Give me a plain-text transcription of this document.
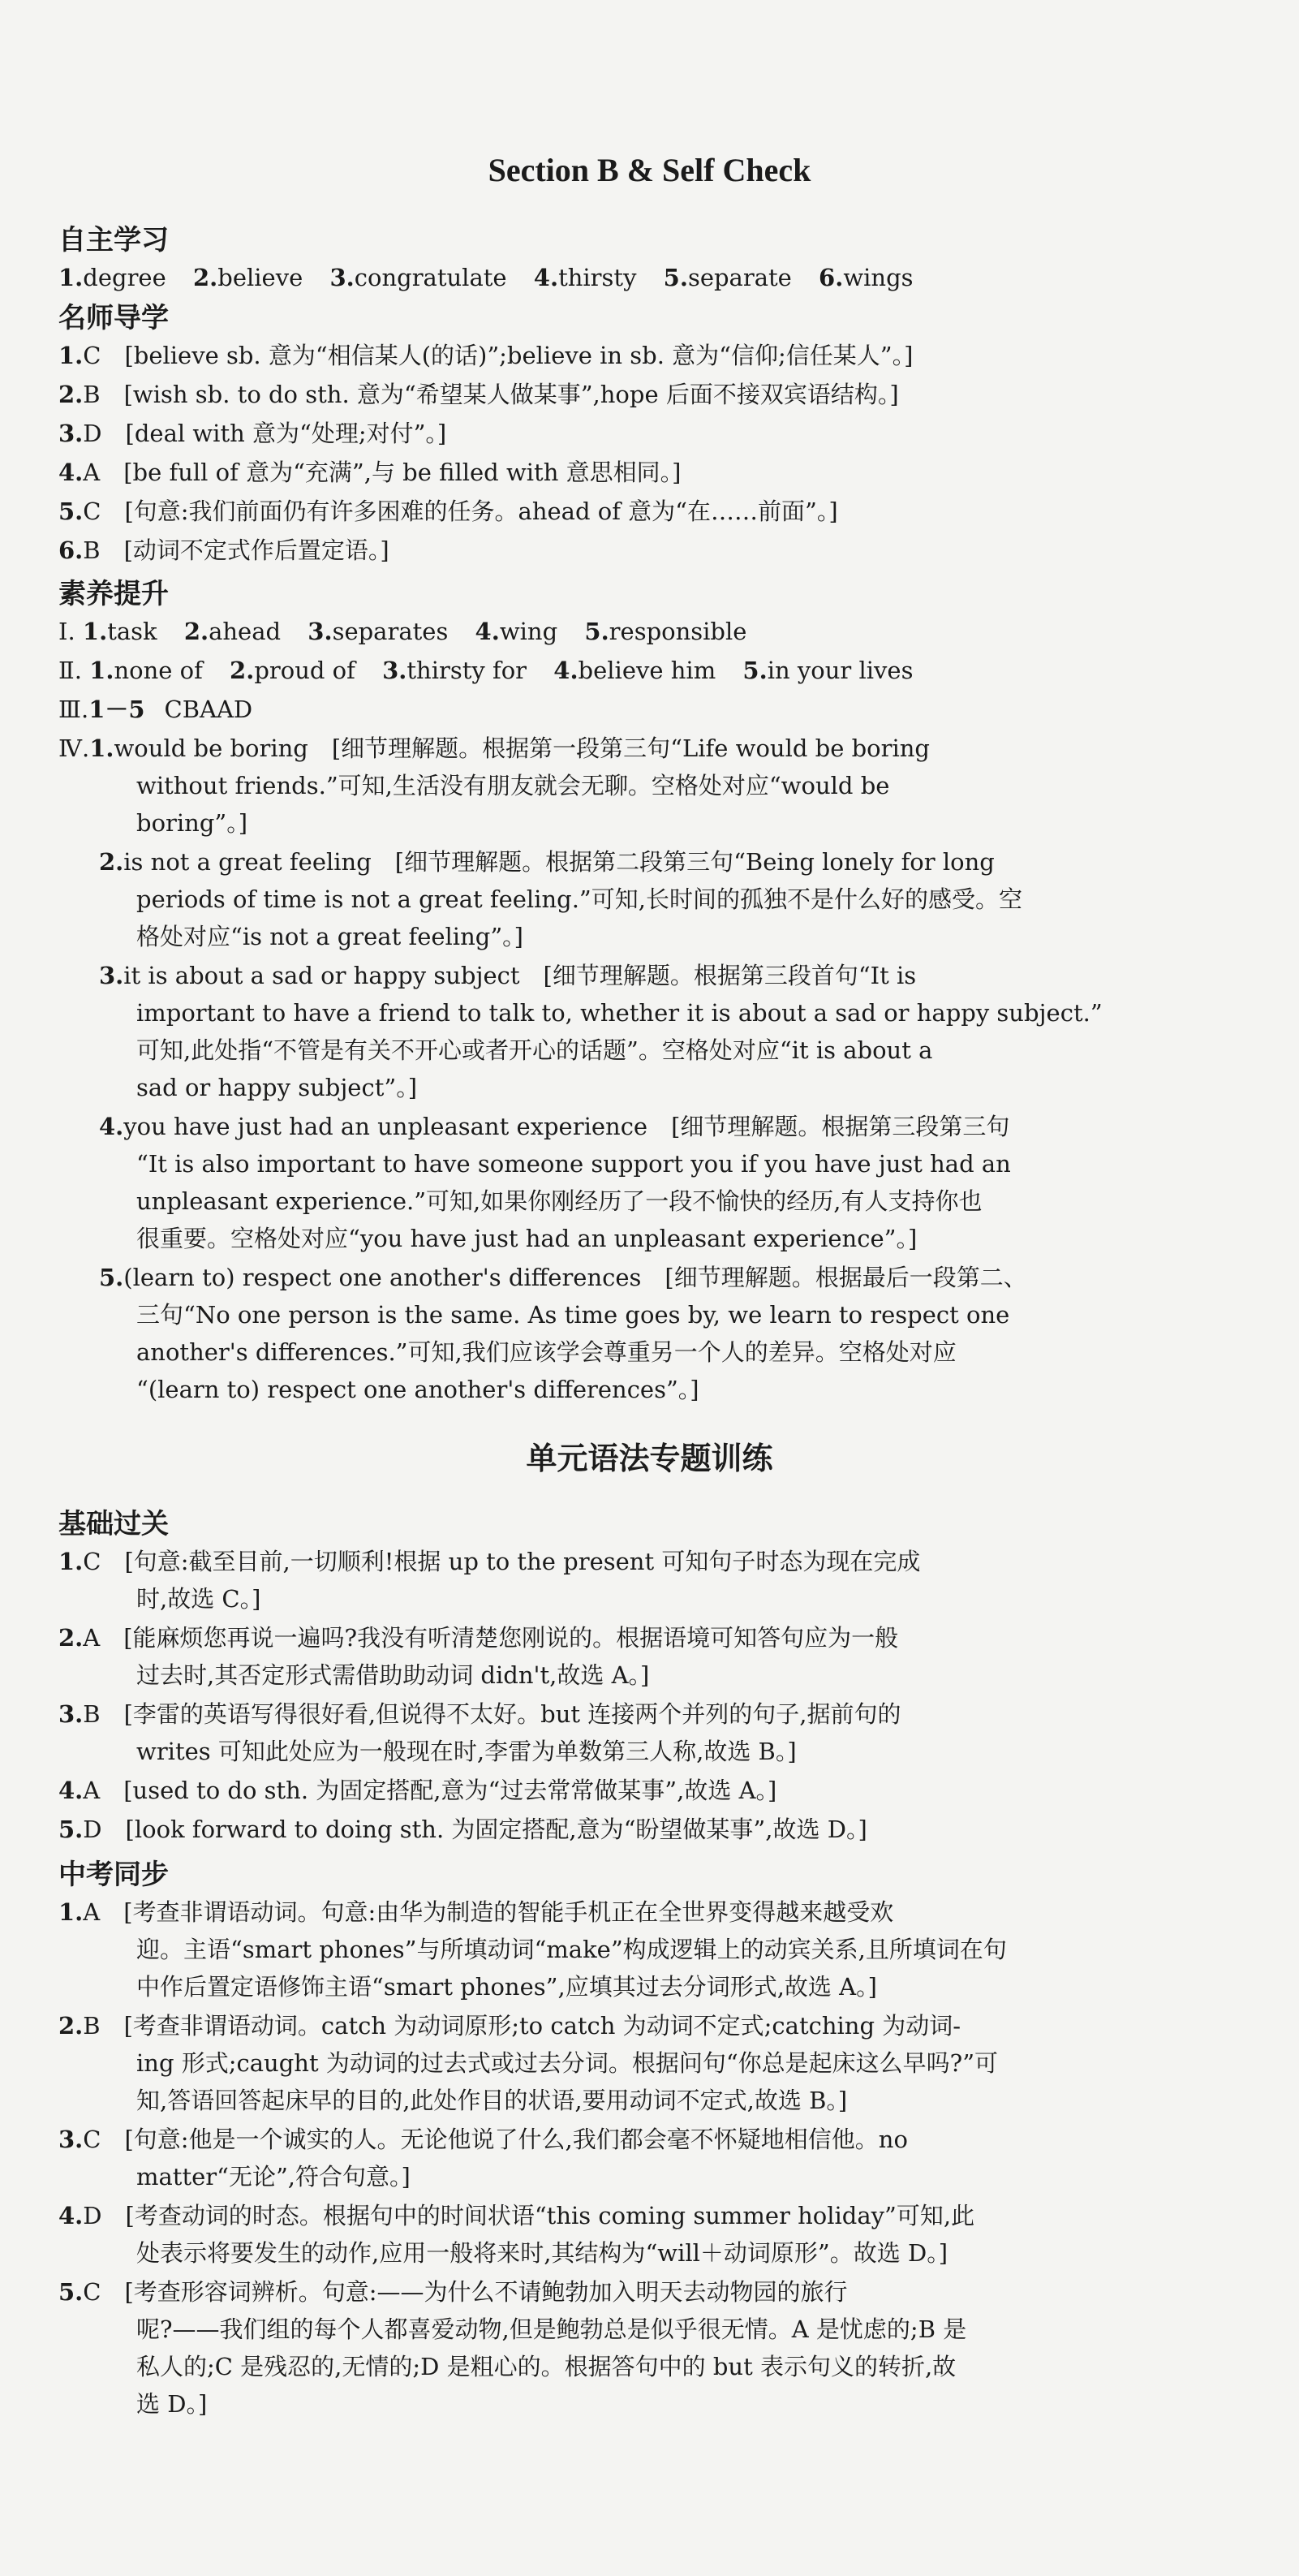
Section B & Self Check
自主学习
1.degree 2.believe 3.congratulate 4.thirsty 5.separate 6.wings
名师导学
1.C　[believe sb. 意为“相信某人(的话)”;believe in sb. 意为“信仰;信任某人”。]
2.B　[wish sb. to do sth. 意为“希望某人做某事”,hope 后面不接双宾语结构。]
3.D　[deal with 意为“处理;对付”。]
4.A　[be full of 意为“充满”,与 be filled with 意思相同。]
5.C　[句意:我们前面仍有许多困难的任务。ahead of 意为“在……前面”。]
6.B　[动词不定式作后置定语。]
素养提升
Ⅰ. 1.task 2.ahead 3.separates 4.wing 5.responsible
Ⅱ. 1.none of 2.proud of 3.thirsty for 4.believe him 5.in your lives
Ⅲ.1－5 CBAAD
Ⅳ.1.would be boring　[细节理解题。根据第一段第三句“Life would be boring
without friends.”可知,生活没有朋友就会无聊。空格处对应“would be
boring”。]
2.is not a great feeling　[细节理解题。根据第二段第三句“Being lonely for long
periods of time is not a great feeling.”可知,长时间的孤独不是什么好的感受。空
格处对应“is not a great feeling”。]
3.it is about a sad or happy subject　[细节理解题。根据第三段首句“It is
important to have a friend to talk to, whether it is about a sad or happy subject.”
可知,此处指“不管是有关不开心或者开心的话题”。空格处对应“it is about a
sad or happy subject”。]
4.you have just had an unpleasant experience　[细节理解题。根据第三段第三句
“It is also important to have someone support you if you have just had an
unpleasant experience.”可知,如果你刚经历了一段不愉快的经历,有人支持你也
很重要。空格处对应“you have just had an unpleasant experience”。]
5.(learn to) respect one another's differences　[细节理解题。根据最后一段第二、
三句“No one person is the same. As time goes by, we learn to respect one
another's differences.”可知,我们应该学会尊重另一个人的差异。空格处对应
“(learn to) respect one another's differences”。]
单元语法专题训练
基础过关
1.C　[句意:截至目前,一切顺利!根据 up to the present 可知句子时态为现在完成
时,故选 C。]
2.A　[能麻烦您再说一遍吗?我没有听清楚您刚说的。根据语境可知答句应为一般
过去时,其否定形式需借助助动词 didn't,故选 A。]
3.B　[李雷的英语写得很好看,但说得不太好。but 连接两个并列的句子,据前句的
writes 可知此处应为一般现在时,李雷为单数第三人称,故选 B。]
4.A　[used to do sth. 为固定搭配,意为“过去常常做某事”,故选 A。]
5.D　[look forward to doing sth. 为固定搭配,意为“盼望做某事”,故选 D。]
中考同步
1.A　[考查非谓语动词。句意:由华为制造的智能手机正在全世界变得越来越受欢
迎。主语“smart phones”与所填动词“make”构成逻辑上的动宾关系,且所填词在句
中作后置定语修饰主语“smart phones”,应填其过去分词形式,故选 A。]
2.B　[考查非谓语动词。catch 为动词原形;to catch 为动词不定式;catching 为动词-
ing 形式;caught 为动词的过去式或过去分词。根据问句“你总是起床这么早吗?”可
知,答语回答起床早的目的,此处作目的状语,要用动词不定式,故选 B。]
3.C　[句意:他是一个诚实的人。无论他说了什么,我们都会毫不怀疑地相信他。no
matter“无论”,符合句意。]
4.D　[考查动词的时态。根据句中的时间状语“this coming summer holiday”可知,此
处表示将要发生的动作,应用一般将来时,其结构为“will＋动词原形”。故选 D。]
5.C　[考查形容词辨析。句意:——为什么不请鲍勃加入明天去动物园的旅行
呢?——我们组的每个人都喜爱动物,但是鲍勃总是似乎很无情。A 是忧虑的;B 是
私人的;C 是残忍的,无情的;D 是粗心的。根据答句中的 but 表示句义的转折,故
选 D。]
